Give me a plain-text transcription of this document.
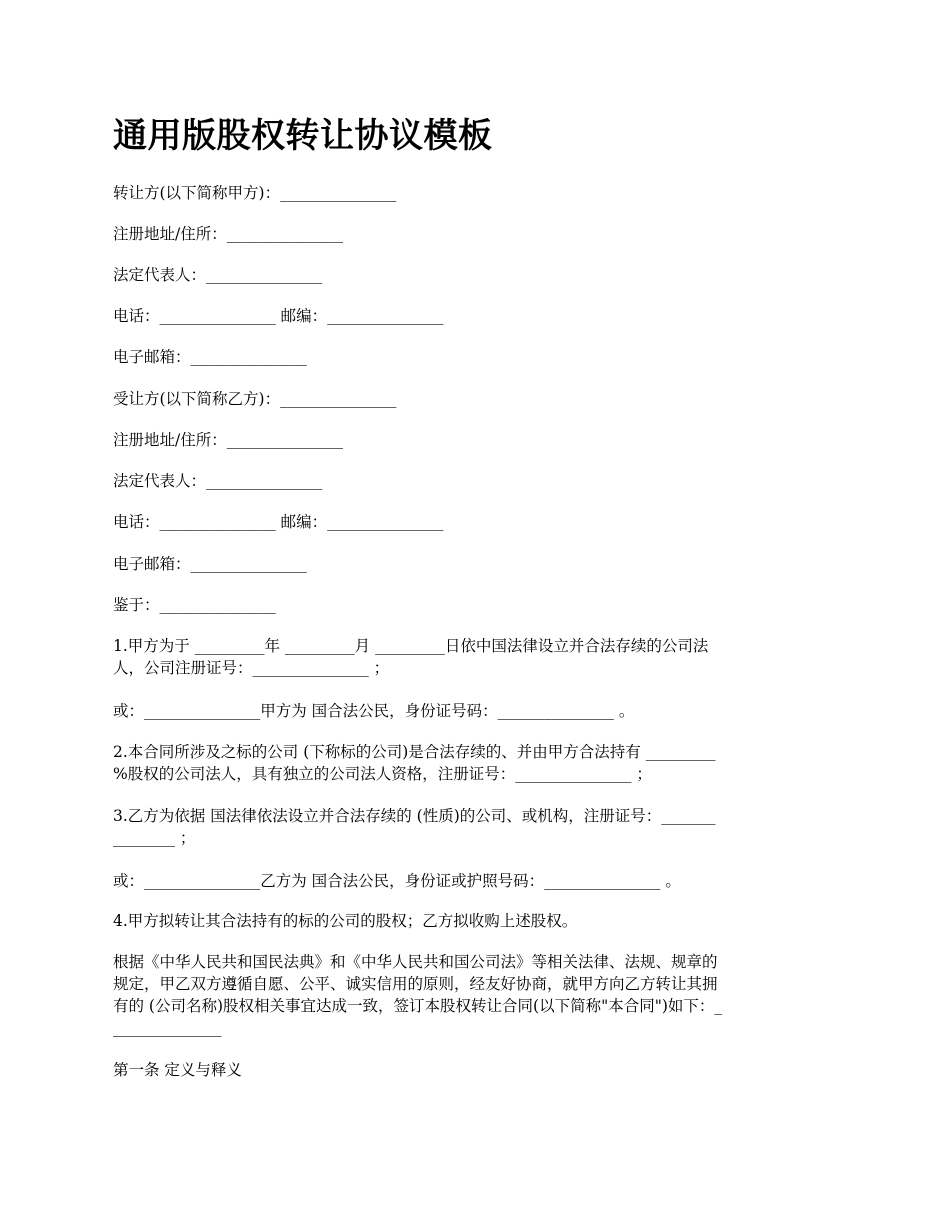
通用版股权转让协议模板

转让方(以下简称甲方)：_______________

注册地址/住所：_______________

法定代表人：_______________

电话：_______________ 邮编：_______________

电子邮箱：_______________

受让方(以下简称乙方)：_______________

注册地址/住所：_______________

法定代表人：_______________

电话：_______________ 邮编：_______________

电子邮箱：_______________

鉴于：_______________

1.甲方为于 _________年 _________月 _________日依中国法律设立并合法存续的公司法
人，公司注册证号：_______________ ；

或：_______________甲方为 国合法公民，身份证号码：_______________ 。

2.本合同所涉及之标的公司 (下称标的公司)是合法存续的、并由甲方合法持有 _________
%股权的公司法人，具有独立的公司法人资格，注册证号：_______________ ；
3.乙方为依据 国法律依法设立并合法存续的 (性质)的公司、或机构，注册证号：_______
________ ；

或：_______________乙方为 国合法公民，身份证或护照号码：_______________ 。

4.甲方拟转让其合法持有的标的公司的股权；乙方拟收购上述股权。

根据《中华人民共和国民法典》和《中华人民共和国公司法》等相关法律、法规、规章的
规定，甲乙双方遵循自愿、公平、诚实信用的原则，经友好协商，就甲方向乙方转让其拥
有的 (公司名称)股权相关事宜达成一致，签订本股权转让合同(以下简称"本合同")如下：_
______________

第一条 定义与释义
